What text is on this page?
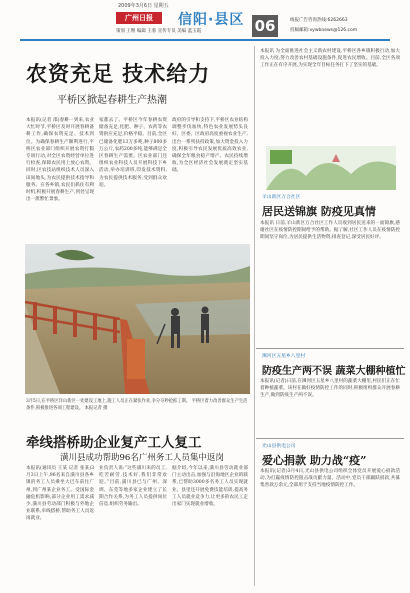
2009年3月6日 星期五
广州日报	信阳·县区 06
策划 王继 编辑 王蓉 宣传专员 美编 蓝玉霞
线报广告咨询热线:6262663
投稿邮箱:xywbnews@126.com
农资充足 技术给力
平桥区掀起春耕生产热潮
本报讯(记者 邵)春耕一到来,农业大忙时节,平桥区及时开展春耕备耕工作,确保农资充足、技术到位。为确保春耕生产顺利进行,平桥区农业部门组织开展农资打假专项行动,对全区农资经营单位进行检查,保障农民用上放心农资。同时,区农技站组织技术人员深入田间地头,为农民提供技术指导和服务。在各乡镇,农民们抓住有利时机,积极开展春耕生产,到处呈现出一派繁忙景象。
家都去了。平桥区今年春耕农资储备充足,化肥、种子、农药等农资供应充足,价格平稳。目前,全区已储备化肥13万多吨,种子800多万公斤,农药200多吨,能够满足全区春耕生产需要。区农业部门还组织农业科技人员开展科技下乡活动,举办培训班,印发技术资料,为农民提供技术服务,受到群众欢迎。
政府的引导和支持下,平桥区农业结构调整步伐加快,特色农业发展势头良好。区委、区政府高度重视农业生产,出台一系列扶持政策,加大资金投入力度,积极引导农民发展优质高效农业,确保全年粮食稳产增产、农民持续增收,为全区经济社会发展奠定坚实基础。
3月5日,在平桥区洋山新区一处建设工地上,施工人员正在紧张作业,争分夺秒抢抓工期。 平桥区着力改善群众生产生活条件,积极推进各项工程建设。 本报记者 摄
牵线搭桥助企业复产工人复工
潢川县成功帮助96名广州务工人员集中返岗
本报讯(通讯员 王某 记者 张某)3月3日上午,96名来自潢川县各乡镇的务工人员乘坐大巴车前往广州,到广州某企业务工。受国际金融危机影响,部分企业用工需求减少,潢川县劳动部门积极与外地企业联系,牵线搭桥,帮助务工人员返岗就业。
业负责人说:“这些潢川来的员工,吃苦耐劳,技术好,我们非常欢迎。”目前,潢川县已与广州、深圳、东莞等地多家企业建立了长期合作关系,为务工人员提供岗位信息,组织劳务输出。
据介绍,今年以来,潢川县劳动就业部门主动出击,加强与沿海地区企业的联系,已帮助3000多名务工人员实现就业。县里还开展免费技能培训,提高务工人员就业竞争力,让更多的农民工走出家门实现就业增收。
本报讯 为全面推进社会主义新农村建设,平桥区各乡镇积极行动,加大投入力度,努力改善农村基础设施条件,促进农民增收。目前,全区各项工作正在有序开展,为实现全年目标任务打下了坚实的基础。
羊山新区万合社区
居民送锦旗 防疫见真情
本报讯 日前,羊山新区万合社区工作人员收到居民送来的一面锦旗,感谢社区在疫情防控期间给予的帮助。据了解,社区工作人员在疫情防控期间坚守岗位,为居民提供生活物资,排查登记,深受居民好评。
浉河区五星乡八里村
防疫生产两不误 蔬菜大棚种植忙
本报讯(记者)日前,在浉河区五星乡八里村的蔬菜大棚里,村民们正在忙着种植蔬菜。该村在做好疫情防控工作的同时,积极组织群众开展春耕生产,做到防疫生产两不误。
光山县供电公司
爱心捐款 助力战“疫”
本报讯(记者)3月4日,光山县供电公司组织全体党员开展爱心捐款活动,为打赢疫情防控阻击战贡献力量。活动中,党员干部踊跃捐款,共募集善款万余元,全部用于支持当地疫情防控工作。
